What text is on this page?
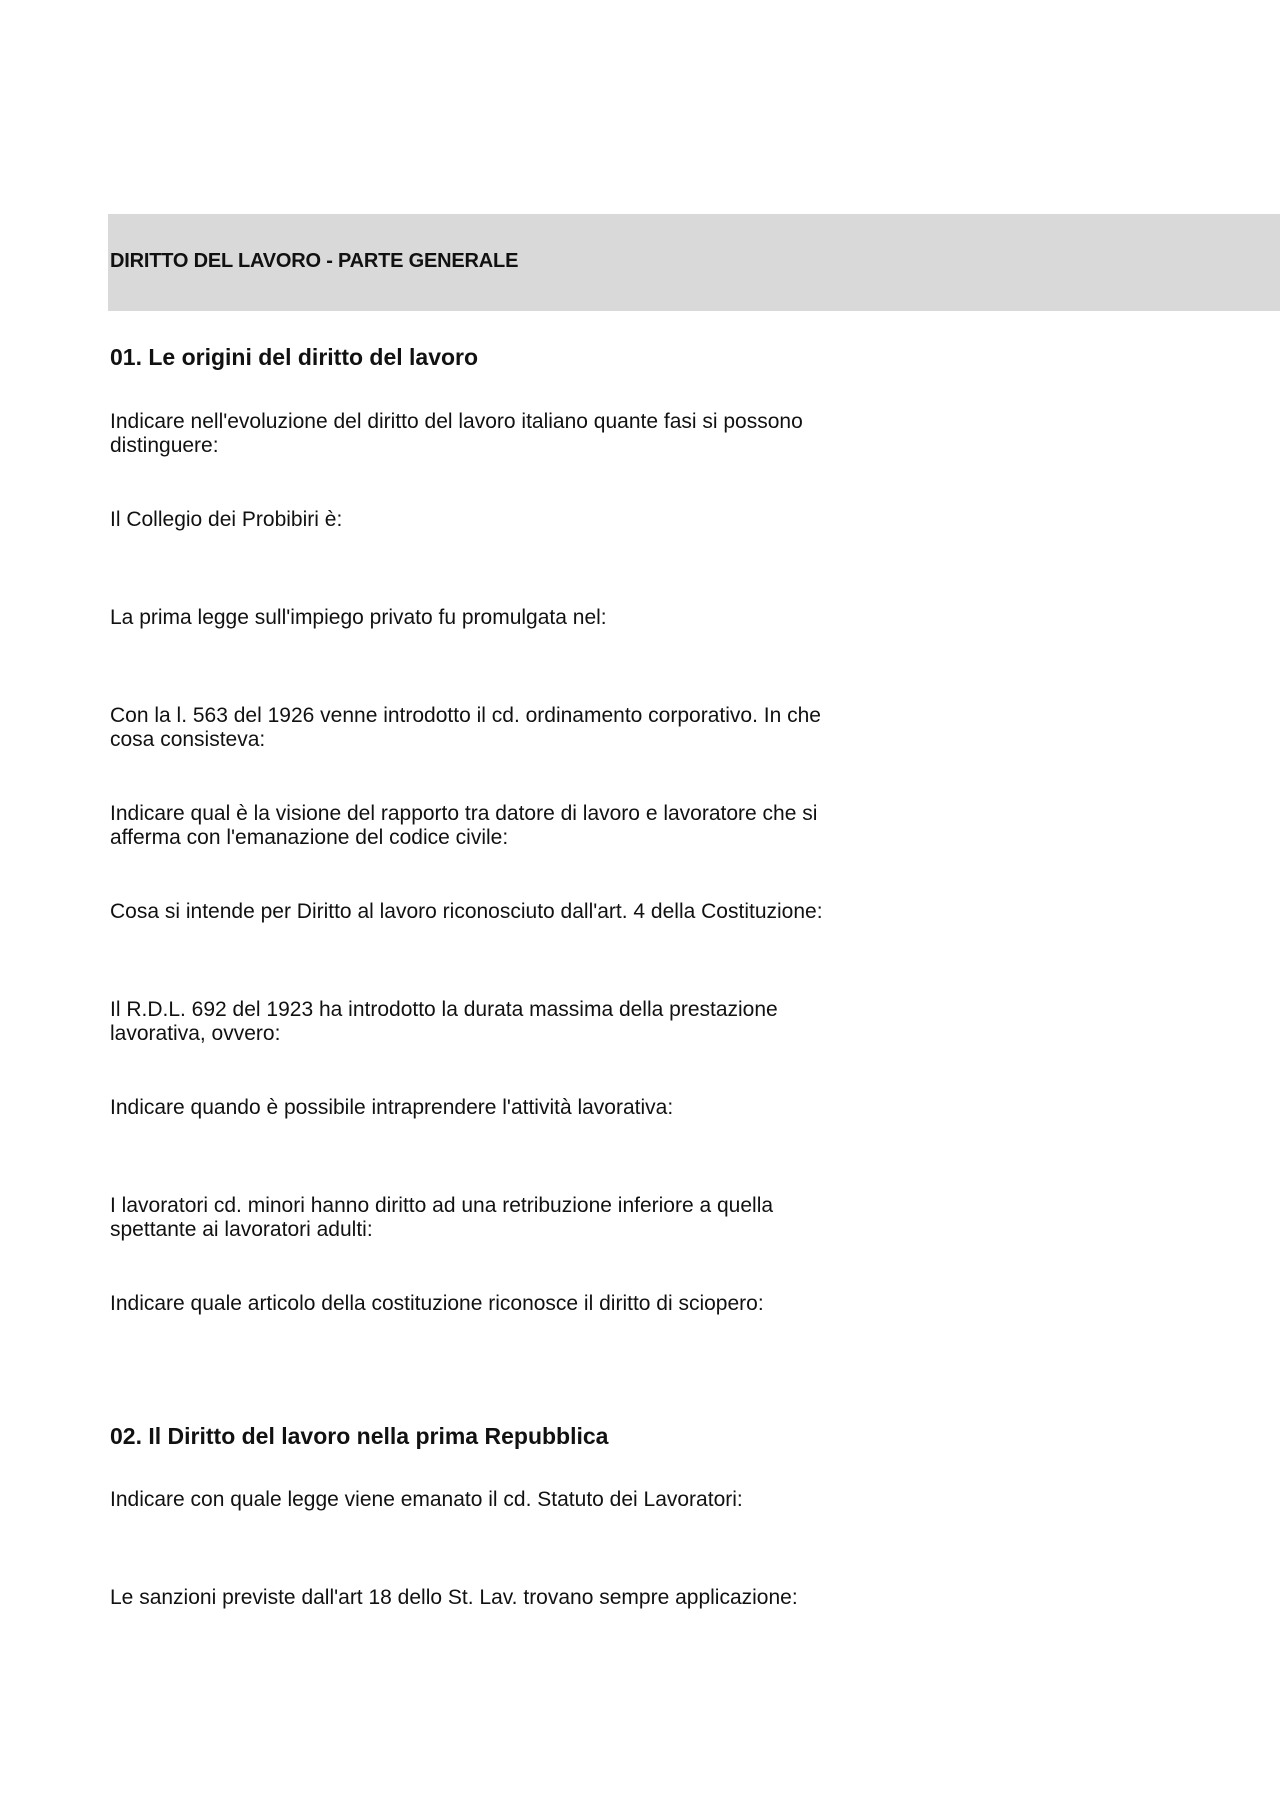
DIRITTO DEL LAVORO - PARTE GENERALE
01. Le origini del diritto del lavoro
Indicare nell'evoluzione del diritto del lavoro italiano quante fasi si possono distinguere:
Il Collegio dei Probibiri è:
La prima legge sull'impiego privato fu promulgata nel:
Con la l. 563 del 1926 venne introdotto il cd. ordinamento corporativo. In che cosa consisteva:
Indicare qual è la visione del rapporto tra datore di lavoro e lavoratore che si afferma con l'emanazione del codice civile:
Cosa si intende per Diritto al lavoro riconosciuto dall'art. 4 della Costituzione:
Il R.D.L. 692 del 1923 ha introdotto la durata massima della prestazione lavorativa, ovvero:
Indicare quando è possibile intraprendere l'attività lavorativa:
I lavoratori cd. minori hanno diritto ad una retribuzione inferiore a quella spettante ai lavoratori adulti:
Indicare quale articolo della costituzione riconosce il diritto di sciopero:
02. Il Diritto del lavoro nella prima Repubblica
Indicare con quale legge viene emanato il cd. Statuto dei Lavoratori:
Le sanzioni previste dall'art 18 dello St. Lav. trovano sempre applicazione:
